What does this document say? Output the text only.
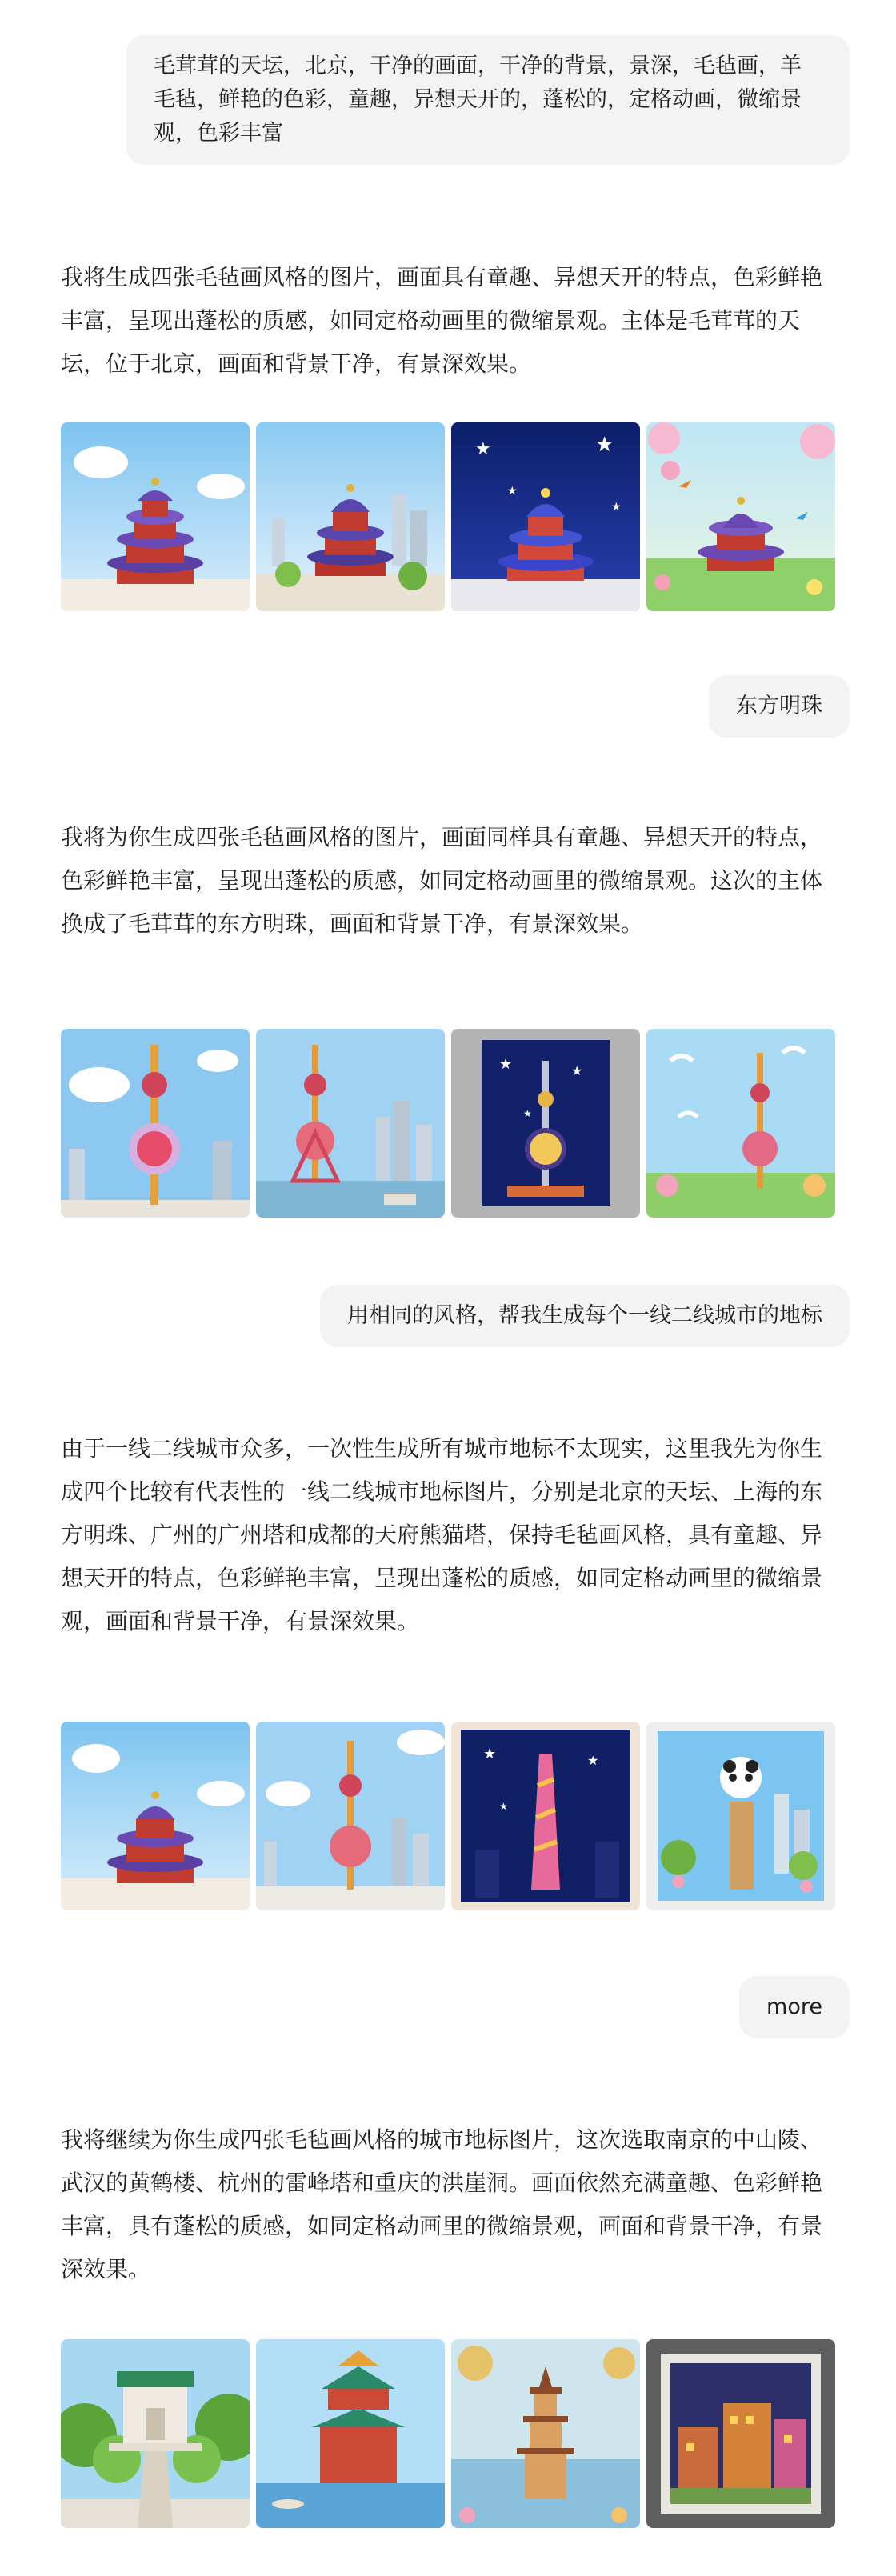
毛茸茸的天坛，北京，干净的画面，干净的背景，景深，毛毡画，羊毛毡，鲜艳的色彩，童趣，异想天开的，蓬松的，定格动画，微缩景观，色彩丰富

我将生成四张毛毡画风格的图片，画面具有童趣、异想天开的特点，色彩鲜艳丰富，呈现出蓬松的质感，如同定格动画里的微缩景观。主体是毛茸茸的天坛，位于北京，画面和背景干净，有景深效果。

★	★
★
★
东方明珠

我将为你生成四张毛毡画风格的图片，画面同样具有童趣、异想天开的特点，色彩鲜艳丰富，呈现出蓬松的质感，如同定格动画里的微缩景观。这次的主体换成了毛茸茸的东方明珠，画面和背景干净，有景深效果。

★	★
★
用相同的风格，帮我生成每个一线二线城市的地标

由于一线二线城市众多，一次性生成所有城市地标不太现实，这里我先为你生成四个比较有代表性的一线二线城市地标图片，分别是北京的天坛、上海的东方明珠、广州的广州塔和成都的天府熊猫塔，保持毛毡画风格，具有童趣、异想天开的特点，色彩鲜艳丰富，呈现出蓬松的质感，如同定格动画里的微缩景观，画面和背景干净，有景深效果。

★	★
★
more

我将继续为你生成四张毛毡画风格的城市地标图片，这次选取南京的中山陵、武汉的黄鹤楼、杭州的雷峰塔和重庆的洪崖洞。画面依然充满童趣、色彩鲜艳丰富，具有蓬松的质感，如同定格动画里的微缩景观，画面和背景干净，有景深效果。
